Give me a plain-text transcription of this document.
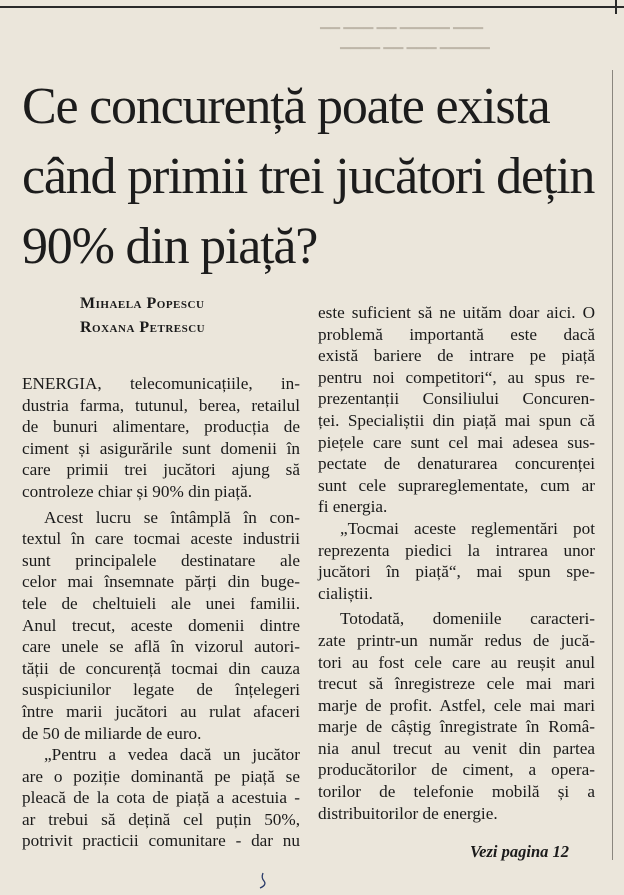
▁▁ ▁▁▁ ▁▁ ▁▁▁▁▁ ▁▁▁
▁▁▁▁ ▁▁ ▁▁▁ ▁▁▁▁▁
Ce concurență poate exista
când primii trei jucători dețin
90% din piață?
Mihaela Popescu
Roxana Petrescu
ENERGIA, telecomunicațiile, in-
dustria farma, tutunul, berea, retailul
de bunuri alimentare, producția de
ciment și asigurările sunt domenii în
care primii trei jucători ajung să
controleze chiar și 90% din piață.
Acest lucru se întâmplă în con-
textul în care tocmai aceste industrii
sunt principalele destinatare ale
celor mai însemnate părți din buge-
tele de cheltuieli ale unei familii.
Anul trecut, aceste domenii dintre
care unele se află în vizorul autori-
tății de concurență tocmai din cauza
suspiciunilor legate de înțelegeri
între marii jucători au rulat afaceri
de 50 de miliarde de euro.
„Pentru a vedea dacă un jucător
are o poziție dominantă pe piață se
pleacă de la cota de piață a acestuia -
ar trebui să dețină cel puțin 50%,
potrivit practicii comunitare - dar nu
este suficient să ne uităm doar aici. O
problemă importantă este dacă
există bariere de intrare pe piață
pentru noi competitori“, au spus re-
prezentanții Consiliului Concuren-
ței. Specialiștii din piață mai spun că
piețele care sunt cel mai adesea sus-
pectate de denaturarea concurenței
sunt cele suprareglementate, cum ar
fi energia.
„Tocmai aceste reglementări pot
reprezenta piedici la intrarea unor
jucători în piață“, mai spun spe-
cialiștii.
Totodată, domeniile caracteri-
zate printr-un număr redus de jucă-
tori au fost cele care au reușit anul
trecut să înregistreze cele mai mari
marje de profit. Astfel, cele mai mari
marje de câștig înregistrate în Româ-
nia anul trecut au venit din partea
producătorilor de ciment, a opera-
torilor de telefonie mobilă și a
distribuitorilor de energie.
Vezi pagina 12
